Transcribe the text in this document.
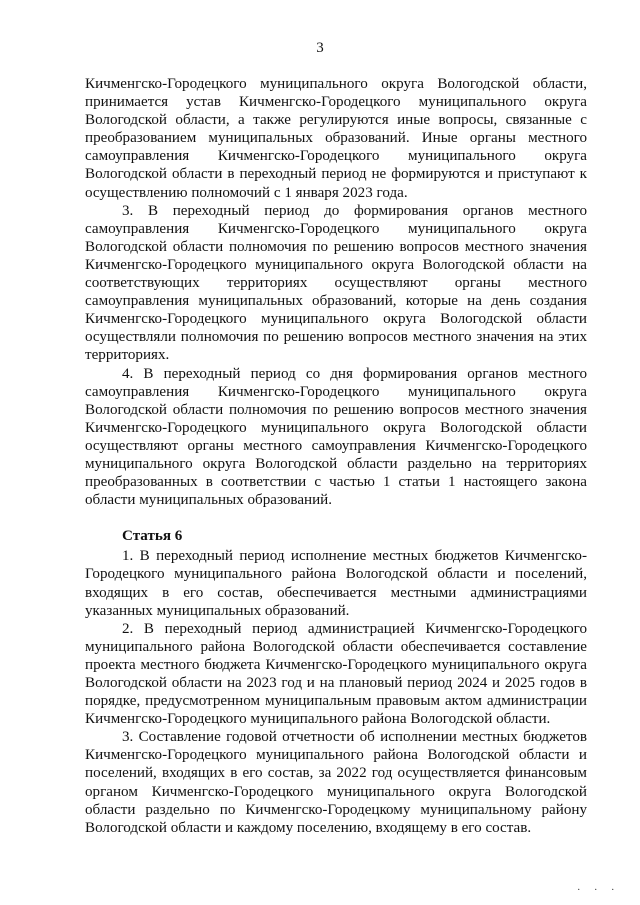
3

Кичменгско-Городецкого муниципального округа Вологодской области, принимается устав Кичменгско-Городецкого муниципального округа Вологодской области, а также регулируются иные вопросы, связанные с преобразованием муниципальных образований. Иные органы местного самоуправления Кичменгско-Городецкого муниципального округа Вологодской области в переходный период не формируются и приступают к осуществлению полномочий с 1 января 2023 года.

3. В переходный период до формирования органов местного самоуправления Кичменгско-Городецкого муниципального округа Вологодской области полномочия по решению вопросов местного значения Кичменгско-Городецкого муниципального округа Вологодской области на соответствующих территориях осуществляют органы местного самоуправления муниципальных образований, которые на день создания Кичменгско-Городецкого муниципального округа Вологодской области осуществляли полномочия по решению вопросов местного значения на этих территориях.

4. В переходный период со дня формирования органов местного самоуправления Кичменгско-Городецкого муниципального округа Вологодской области полномочия по решению вопросов местного значения Кичменгско-Городецкого муниципального округа Вологодской области осуществляют органы местного самоуправления Кичменгско-Городецкого муниципального округа Вологодской области раздельно на территориях преобразованных в соответствии с частью 1 статьи 1 настоящего закона области муниципальных образований.

Статья 6

1. В переходный период исполнение местных бюджетов Кичменгско-Городецкого муниципального района Вологодской области и поселений, входящих в его состав, обеспечивается местными администрациями указанных муниципальных образований.

2. В переходный период администрацией Кичменгско-Городецкого муниципального района Вологодской области обеспечивается составление проекта местного бюджета Кичменгско-Городецкого муниципального округа Вологодской области на 2023 год и на плановый период 2024 и 2025 годов в порядке, предусмотренном муниципальным правовым актом администрации Кичменгско-Городецкого муниципального района Вологодской области.

3. Составление годовой отчетности об исполнении местных бюджетов Кичменгско-Городецкого муниципального района Вологодской области и поселений, входящих в его состав, за 2022 год осуществляется финансовым органом Кичменгско-Городецкого муниципального округа Вологодской области раздельно по Кичменгско-Городецкому муниципальному району Вологодской области и каждому поселению, входящему в его состав.

. . .
